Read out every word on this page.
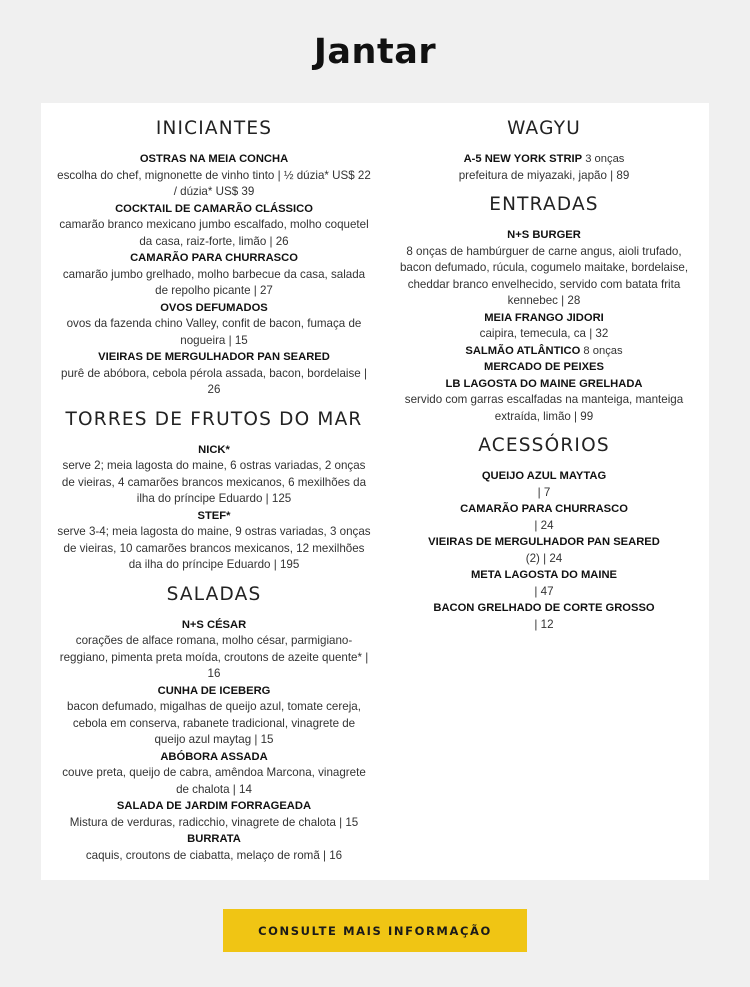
Jantar
INICIANTES
OSTRAS NA MEIA CONCHA
escolha do chef, mignonette de vinho tinto | ½ dúzia* US$ 22 / dúzia* US$ 39
COCKTAIL DE CAMARÃO CLÁSSICO
camarão branco mexicano jumbo escalfado, molho coquetel da casa, raiz-forte, limão | 26
CAMARÃO PARA CHURRASCO
camarão jumbo grelhado, molho barbecue da casa, salada de repolho picante | 27
OVOS DEFUMADOS
ovos da fazenda chino Valley, confit de bacon, fumaça de nogueira | 15
VIEIRAS DE MERGULHADOR PAN SEARED
purê de abóbora, cebola pérola assada, bacon, bordelaise | 26
TORRES DE FRUTOS DO MAR
NICK*
serve 2; meia lagosta do maine, 6 ostras variadas, 2 onças de vieiras, 4 camarões brancos mexicanos, 6 mexilhões da ilha do príncipe Eduardo | 125
STEF*
serve 3-4; meia lagosta do maine, 9 ostras variadas, 3 onças de vieiras, 10 camarões brancos mexicanos, 12 mexilhões da ilha do príncipe Eduardo | 195
SALADAS
N+S CÉSAR
corações de alface romana, molho césar, parmigiano-reggiano, pimenta preta moída, croutons de azeite quente* | 16
CUNHA DE ICEBERG
bacon defumado, migalhas de queijo azul, tomate cereja, cebola em conserva, rabanete tradicional, vinagrete de queijo azul maytag | 15
ABÓBORA ASSADA
couve preta, queijo de cabra, amêndoa Marcona, vinagrete de chalota | 14
SALADA DE JARDIM FORRAGEADA
Mistura de verduras, radicchio, vinagrete de chalota | 15
BURRATA
caquis, croutons de ciabatta, melaço de romã | 16
WAGYU
A-5 NEW YORK STRIP 3 onças
prefeitura de miyazaki, japão | 89
ENTRADAS
N+S BURGER
8 onças de hambúrguer de carne angus, aioli trufado, bacon defumado, rúcula, cogumelo maitake, bordelaise, cheddar branco envelhecido, servido com batata frita kennebec | 28
MEIA FRANGO JIDORI
caipira, temecula, ca | 32
SALMÃO ATLÂNTICO 8 onças
MERCADO DE PEIXES
LB LAGOSTA DO MAINE GRELHADA
servido com garras escalfadas na manteiga, manteiga extraída, limão | 99
ACESSÓRIOS
QUEIJO AZUL MAYTAG
| 7
CAMARÃO PARA CHURRASCO
| 24
VIEIRAS DE MERGULHADOR PAN SEARED
(2) | 24
META LAGOSTA DO MAINE
| 47
BACON GRELHADO DE CORTE GROSSO
| 12
CONSULTE MAIS INFORMAÇÃO
